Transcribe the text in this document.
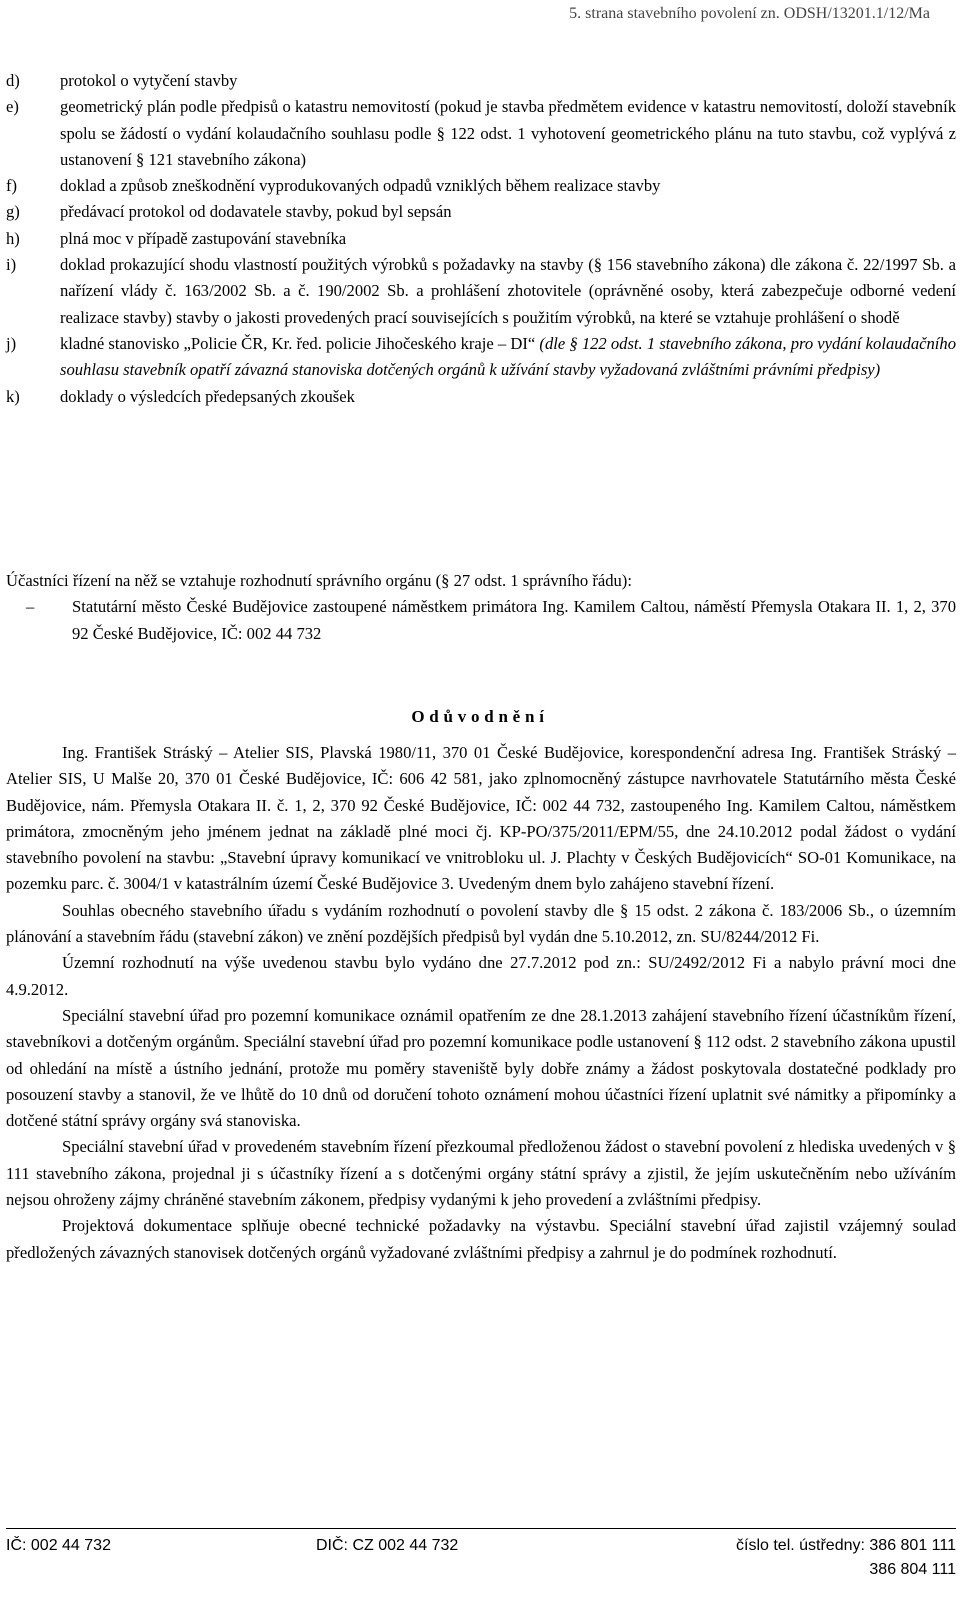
5. strana stavebního povolení zn. ODSH/13201.1/12/Ma
d) protokol o vytyčení stavby
e) geometrický plán podle předpisů o katastru nemovitostí (pokud je stavba předmětem evidence v katastru nemovitostí, doloží stavebník spolu se žádostí o vydání kolaudačního souhlasu podle § 122 odst. 1 vyhotovení geometrického plánu na tuto stavbu, což vyplývá z ustanovení § 121 stavebního zákona)
f)	doklad a způsob zneškodnění vyprodukovaných odpadů vzniklých během realizace stavby
g) předávací protokol od dodavatele stavby, pokud byl sepsán
h) plná moc v případě zastupování stavebníka
i)	doklad prokazující shodu vlastností použitých výrobků s požadavky na stavby (§ 156 stavebního zákona) dle zákona č. 22/1997 Sb. a nařízení vlády č. 163/2002 Sb. a č. 190/2002 Sb. a prohlášení zhotovitele (oprávněné osoby, která zabezpečuje odborné vedení realizace stavby) stavby o jakosti provedených prací souvisejících s použitím výrobků, na které se vztahuje prohlášení o shodě
j)	kladné stanovisko „Policie ČR, Kr. řed. policie Jihočeského kraje – DI“ (dle § 122 odst. 1 stavebního zákona, pro vydání kolaudačního souhlasu stavebník opatří závazná stanoviska dotčených orgánů k užívání stavby vyžadovaná zvláštními právními předpisy)
k) doklady o výsledcích předepsaných zkoušek
Účastníci řízení na něž se vztahuje rozhodnutí správního orgánu (§ 27 odst. 1 správního řádu):
– Statutární město České Budějovice zastoupené náměstkem primátora Ing. Kamilem Caltou, náměstí Přemysla Otakara II. 1, 2, 370 92 České Budějovice, IČ: 002 44 732
Odůvodnění

Ing. František Stráský – Atelier SIS, Plavská 1980/11, 370 01 České Budějovice, korespondenční adresa Ing. František Stráský – Atelier SIS, U Malše 20, 370 01 České Budějovice, IČ: 606 42 581, jako zplnomocněný zástupce navrhovatele Statutárního města České Budějovice, nám. Přemysla Otakara II. č. 1, 2, 370 92 České Budějovice, IČ: 002 44 732, zastoupeného Ing. Kamilem Caltou, náměstkem primátora, zmocněným jeho jménem jednat na základě plné moci čj. KP-PO/375/2011/EPM/55, dne 24.10.2012 podal žádost o vydání stavebního povolení na stavbu: „Stavební úpravy komunikací ve vnitrobloku ul. J. Plachty v Českých Budějovicích“ SO-01 Komunikace, na pozemku parc. č. 3004/1 v katastrálním území České Budějovice 3. Uvedeným dnem bylo zahájeno stavební řízení.

Souhlas obecného stavebního úřadu s vydáním rozhodnutí o povolení stavby dle § 15 odst. 2 zákona č. 183/2006 Sb., o územním plánování a stavebním řádu (stavební zákon) ve znění pozdějších předpisů byl vydán dne 5.10.2012, zn. SU/8244/2012 Fi.

Územní rozhodnutí na výše uvedenou stavbu bylo vydáno dne 27.7.2012 pod zn.: SU/2492/2012 Fi a nabylo právní moci dne 4.9.2012.

Speciální stavební úřad pro pozemní komunikace oznámil opatřením ze dne 28.1.2013 zahájení stavebního řízení účastníkům řízení, stavebníkovi a dotčeným orgánům. Speciální stavební úřad pro pozemní komunikace podle ustanovení § 112 odst. 2 stavebního zákona upustil od ohledání na místě a ústního jednání, protože mu poměry staveniště byly dobře známy a žádost poskytovala dostatečné podklady pro posouzení stavby a stanovil, že ve lhůtě do 10 dnů od doručení tohoto oznámení mohou účastníci řízení uplatnit své námitky a připomínky a dotčené státní správy orgány svá stanoviska.

Speciální stavební úřad v provedeném stavebním řízení přezkoumal předloženou žádost o stavební povolení z hlediska uvedených v § 111 stavebního zákona, projednal ji s účastníky řízení a s dotčenými orgány státní správy a zjistil, že jejím uskutečněním nebo užíváním nejsou ohroženy zájmy chráněné stavebním zákonem, předpisy vydanými k jeho provedení a zvláštními předpisy.

Projektová dokumentace splňuje obecné technické požadavky na výstavbu. Speciální stavební úřad zajistil vzájemný soulad předložených závazných stanovisek dotčených orgánů vyžadované zvláštními předpisy a zahrnul je do podmínek rozhodnutí.

IČ: 002 44 732	DIČ: CZ 002 44 732	číslo tel. ústředny: 386 801 111
386 804 111
